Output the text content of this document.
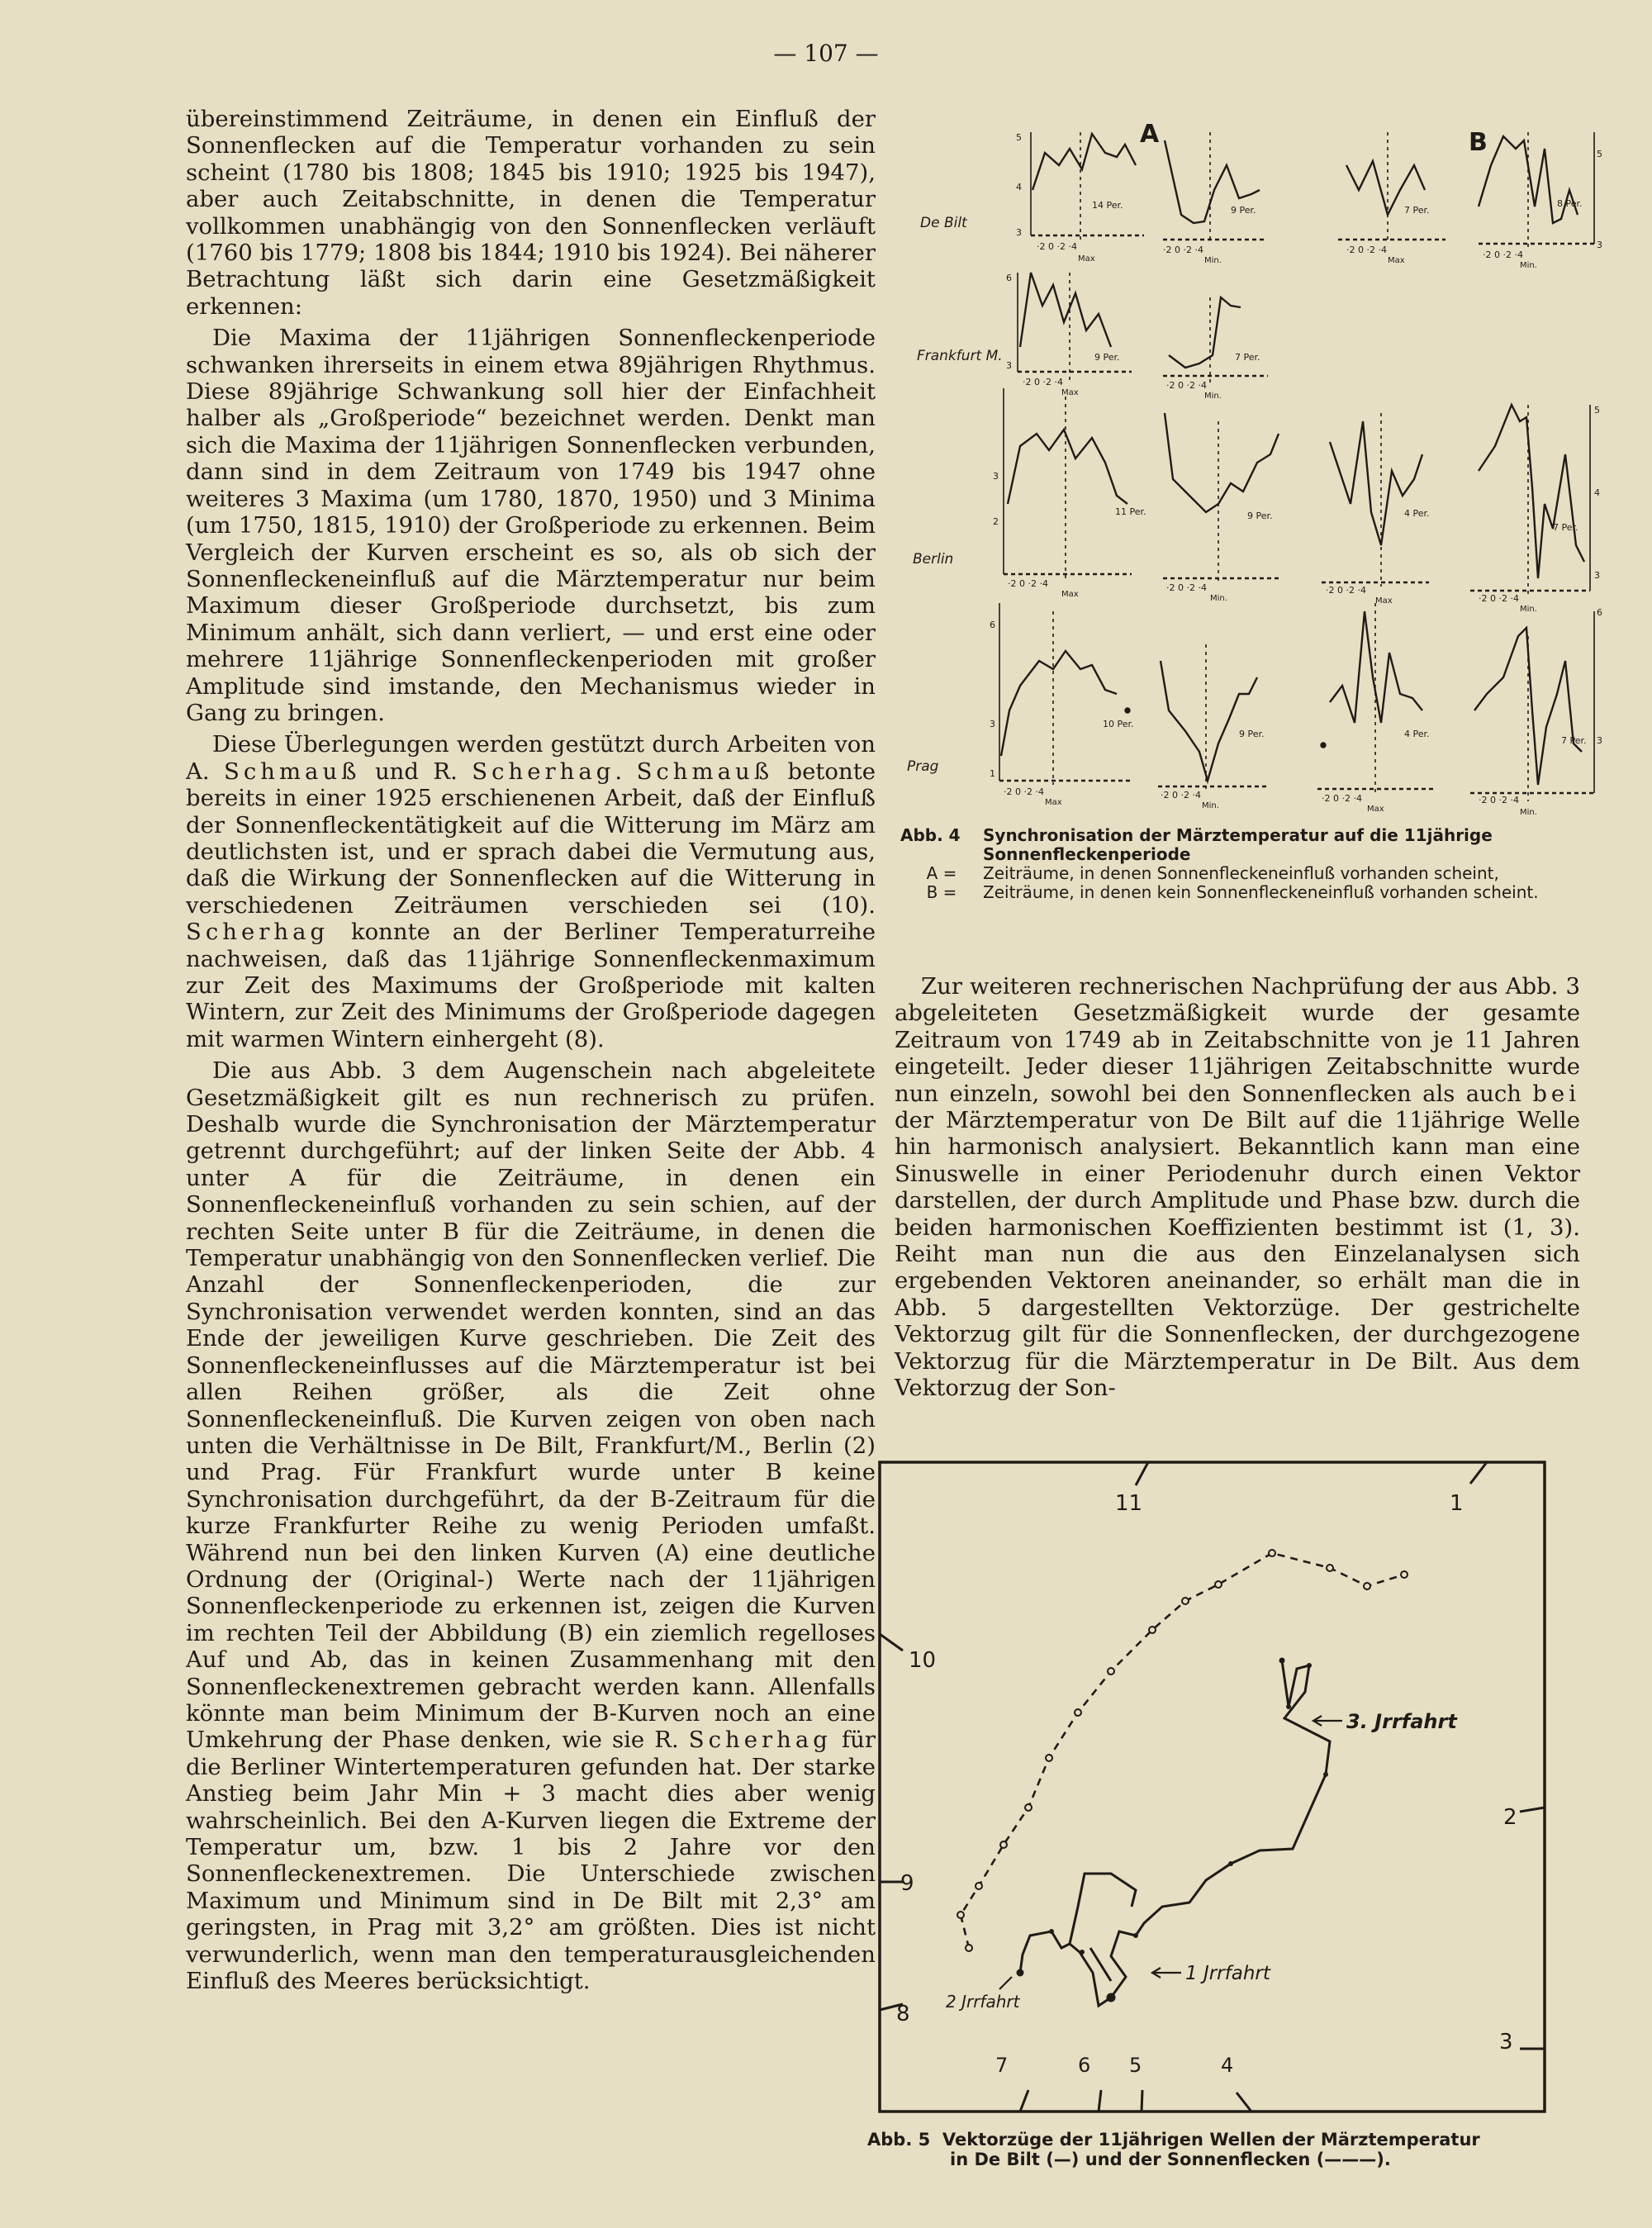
— 107 —

übereinstimmend Zeiträume, in denen ein Einfluß der Sonnenflecken auf die Temperatur vorhanden zu sein scheint (1780 bis 1808; 1845 bis 1910; 1925 bis 1947), aber auch Zeitabschnitte, in denen die Temperatur vollkommen unabhängig von den Sonnenflecken verläuft (1760 bis 1779; 1808 bis 1844; 1910 bis 1924). Bei näherer Betrachtung läßt sich darin eine Gesetzmäßigkeit erkennen:

Die Maxima der 11jährigen Sonnenfleckenperiode schwanken ihrerseits in einem etwa 89jährigen Rhythmus. Diese 89jährige Schwankung soll hier der Einfachheit halber als „Großperiode“ bezeichnet werden. Denkt man sich die Maxima der 11jährigen Sonnenflecken verbunden, dann sind in dem Zeitraum von 1749 bis 1947 ohne weiteres 3 Maxima (um 1780, 1870, 1950) und 3 Minima (um 1750, 1815, 1910) der Großperiode zu erkennen. Beim Vergleich der Kurven erscheint es so, als ob sich der Sonnenfleckeneinfluß auf die Märztemperatur nur beim Maximum dieser Großperiode durchsetzt, bis zum Minimum anhält, sich dann verliert, — und erst eine oder mehrere 11jährige Sonnenfleckenperioden mit großer Amplitude sind imstande, den Mechanismus wieder in Gang zu bringen.

Diese Überlegungen werden gestützt durch Arbeiten von A. Schmauß und R. Scherhag. Schmauß betonte bereits in einer 1925 erschienenen Arbeit, daß der Einfluß der Sonnenfleckentätigkeit auf die Witterung im März am deutlichsten ist, und er sprach dabei die Vermutung aus, daß die Wirkung der Sonnenflecken auf die Witterung in verschiedenen Zeiträumen verschieden sei (10). Scherhag konnte an der Berliner Temperaturreihe nachweisen, daß das 11jährige Sonnenfleckenmaximum zur Zeit des Maximums der Großperiode mit kalten Wintern, zur Zeit des Minimums der Großperiode dagegen mit warmen Wintern einhergeht (8).

Die aus Abb. 3 dem Augenschein nach abgeleitete Gesetzmäßigkeit gilt es nun rechnerisch zu prüfen. Deshalb wurde die Synchronisation der Märztemperatur getrennt durchgeführt; auf der linken Seite der Abb. 4 unter A für die Zeiträume, in denen ein Sonnenfleckeneinfluß vorhanden zu sein schien, auf der rechten Seite unter B für die Zeiträume, in denen die Temperatur unabhängig von den Sonnenflecken verlief. Die Anzahl der Sonnenfleckenperioden, die zur Synchronisation verwendet werden konnten, sind an das Ende der jeweiligen Kurve geschrieben. Die Zeit des Sonnenfleckeneinflusses auf die Märztemperatur ist bei allen Reihen größer, als die Zeit ohne Sonnenfleckeneinfluß. Die Kurven zeigen von oben nach unten die Verhältnisse in De Bilt, Frankfurt/M., Berlin (2) und Prag. Für Frankfurt wurde unter B keine Synchronisation durchgeführt, da der B-Zeitraum für die kurze Frankfurter Reihe zu wenig Perioden umfaßt. Während nun bei den linken Kurven (A) eine deutliche Ordnung der (Original-) Werte nach der 11jährigen Sonnenfleckenperiode zu erkennen ist, zeigen die Kurven im rechten Teil der Abbildung (B) ein ziemlich regelloses Auf und Ab, das in keinen Zusammenhang mit den Sonnenfleckenextremen gebracht werden kann. Allenfalls könnte man beim Minimum der B-Kurven noch an eine Umkehrung der Phase denken, wie sie R. Scherhag für die Berliner Wintertemperaturen gefunden hat. Der starke Anstieg beim Jahr Min + 3 macht dies aber wenig wahrscheinlich. Bei den A-Kurven liegen die Extreme der Temperatur um, bzw. 1 bis 2 Jahre vor den Sonnenfleckenextremen. Die Unterschiede zwischen Maximum und Minimum sind in De Bilt mit 2,3° am geringsten, in Prag mit 3,2° am größten. Dies ist nicht verwunderlich, wenn man den temperaturausgleichenden Einfluß des Meeres berücksichtigt.

A	B
De Bilt
Frankfurt M.
Berlin
Prag
14 Per.
·2 0 ·2 ·4
Max
9 Per.
·2 0 ·2 ·4
Min.
7 Per.
·2 0 ·2 ·4
Max
8 Per.
·2 0 ·2 ·4
Min.
5
3
5
4
3
9 Per.
·2 0 ·2 ·4
Max
6
3
7 Per.
·2 0 ·2 ·4
Min.
11 Per.
·2 0 ·2 ·4
Max
3
2
9 Per.
·2 0 ·2 ·4
Min.
4 Per.
·2 0 ·2 ·4
Max
7 Per.
·2 0 ·2 ·4
Min.
5
4
3
10 Per.
·2 0 ·2 ·4
Max
6
3
1
9 Per.
·2 0 ·2 ·4
Min.
4 Per.
·2 0 ·2 ·4
Max
7 Per.
·2 0 ·2 ·4
Min.
6
3
Abb. 4	Synchronisation der Märztemperatur auf die 11jährige Sonnenfleckenperiode
A =	Zeiträume, in denen Sonnenfleckeneinfluß vorhanden scheint,
B =	Zeiträume, in denen kein Sonnenfleckeneinfluß vorhanden scheint.

Zur weiteren rechnerischen Nachprüfung der aus Abb. 3 abgeleiteten Gesetzmäßigkeit wurde der gesamte Zeitraum von 1749 ab in Zeitabschnitte von je 11 Jahren eingeteilt. Jeder dieser 11jährigen Zeitabschnitte wurde nun einzeln, sowohl bei den Sonnenflecken als auch bei der Märztemperatur von De Bilt auf die 11jährige Welle hin harmonisch analysiert. Bekanntlich kann man eine Sinuswelle in einer Periodenuhr durch einen Vektor darstellen, der durch Amplitude und Phase bzw. durch die beiden harmonischen Koeffizienten bestimmt ist (1, 3). Reiht man nun die aus den Einzelanalysen sich ergebenden Vektoren aneinander, so erhält man die in Abb. 5 dargestellten Vektorzüge. Der gestrichelte Vektorzug gilt für die Sonnenflecken, der durchgezogene Vektorzug für die Märztemperatur in De Bilt. Aus dem Vektorzug der Son-

11	1
10
2
9
8
3
7	6 5	4
3. Jrrfahrt
1 Jrrfahrt
2 Jrrfahrt
Abb. 5 Vektorzüge der 11jährigen Wellen der Märztemperatur
in De Bilt (—) und der Sonnenflecken (———).
